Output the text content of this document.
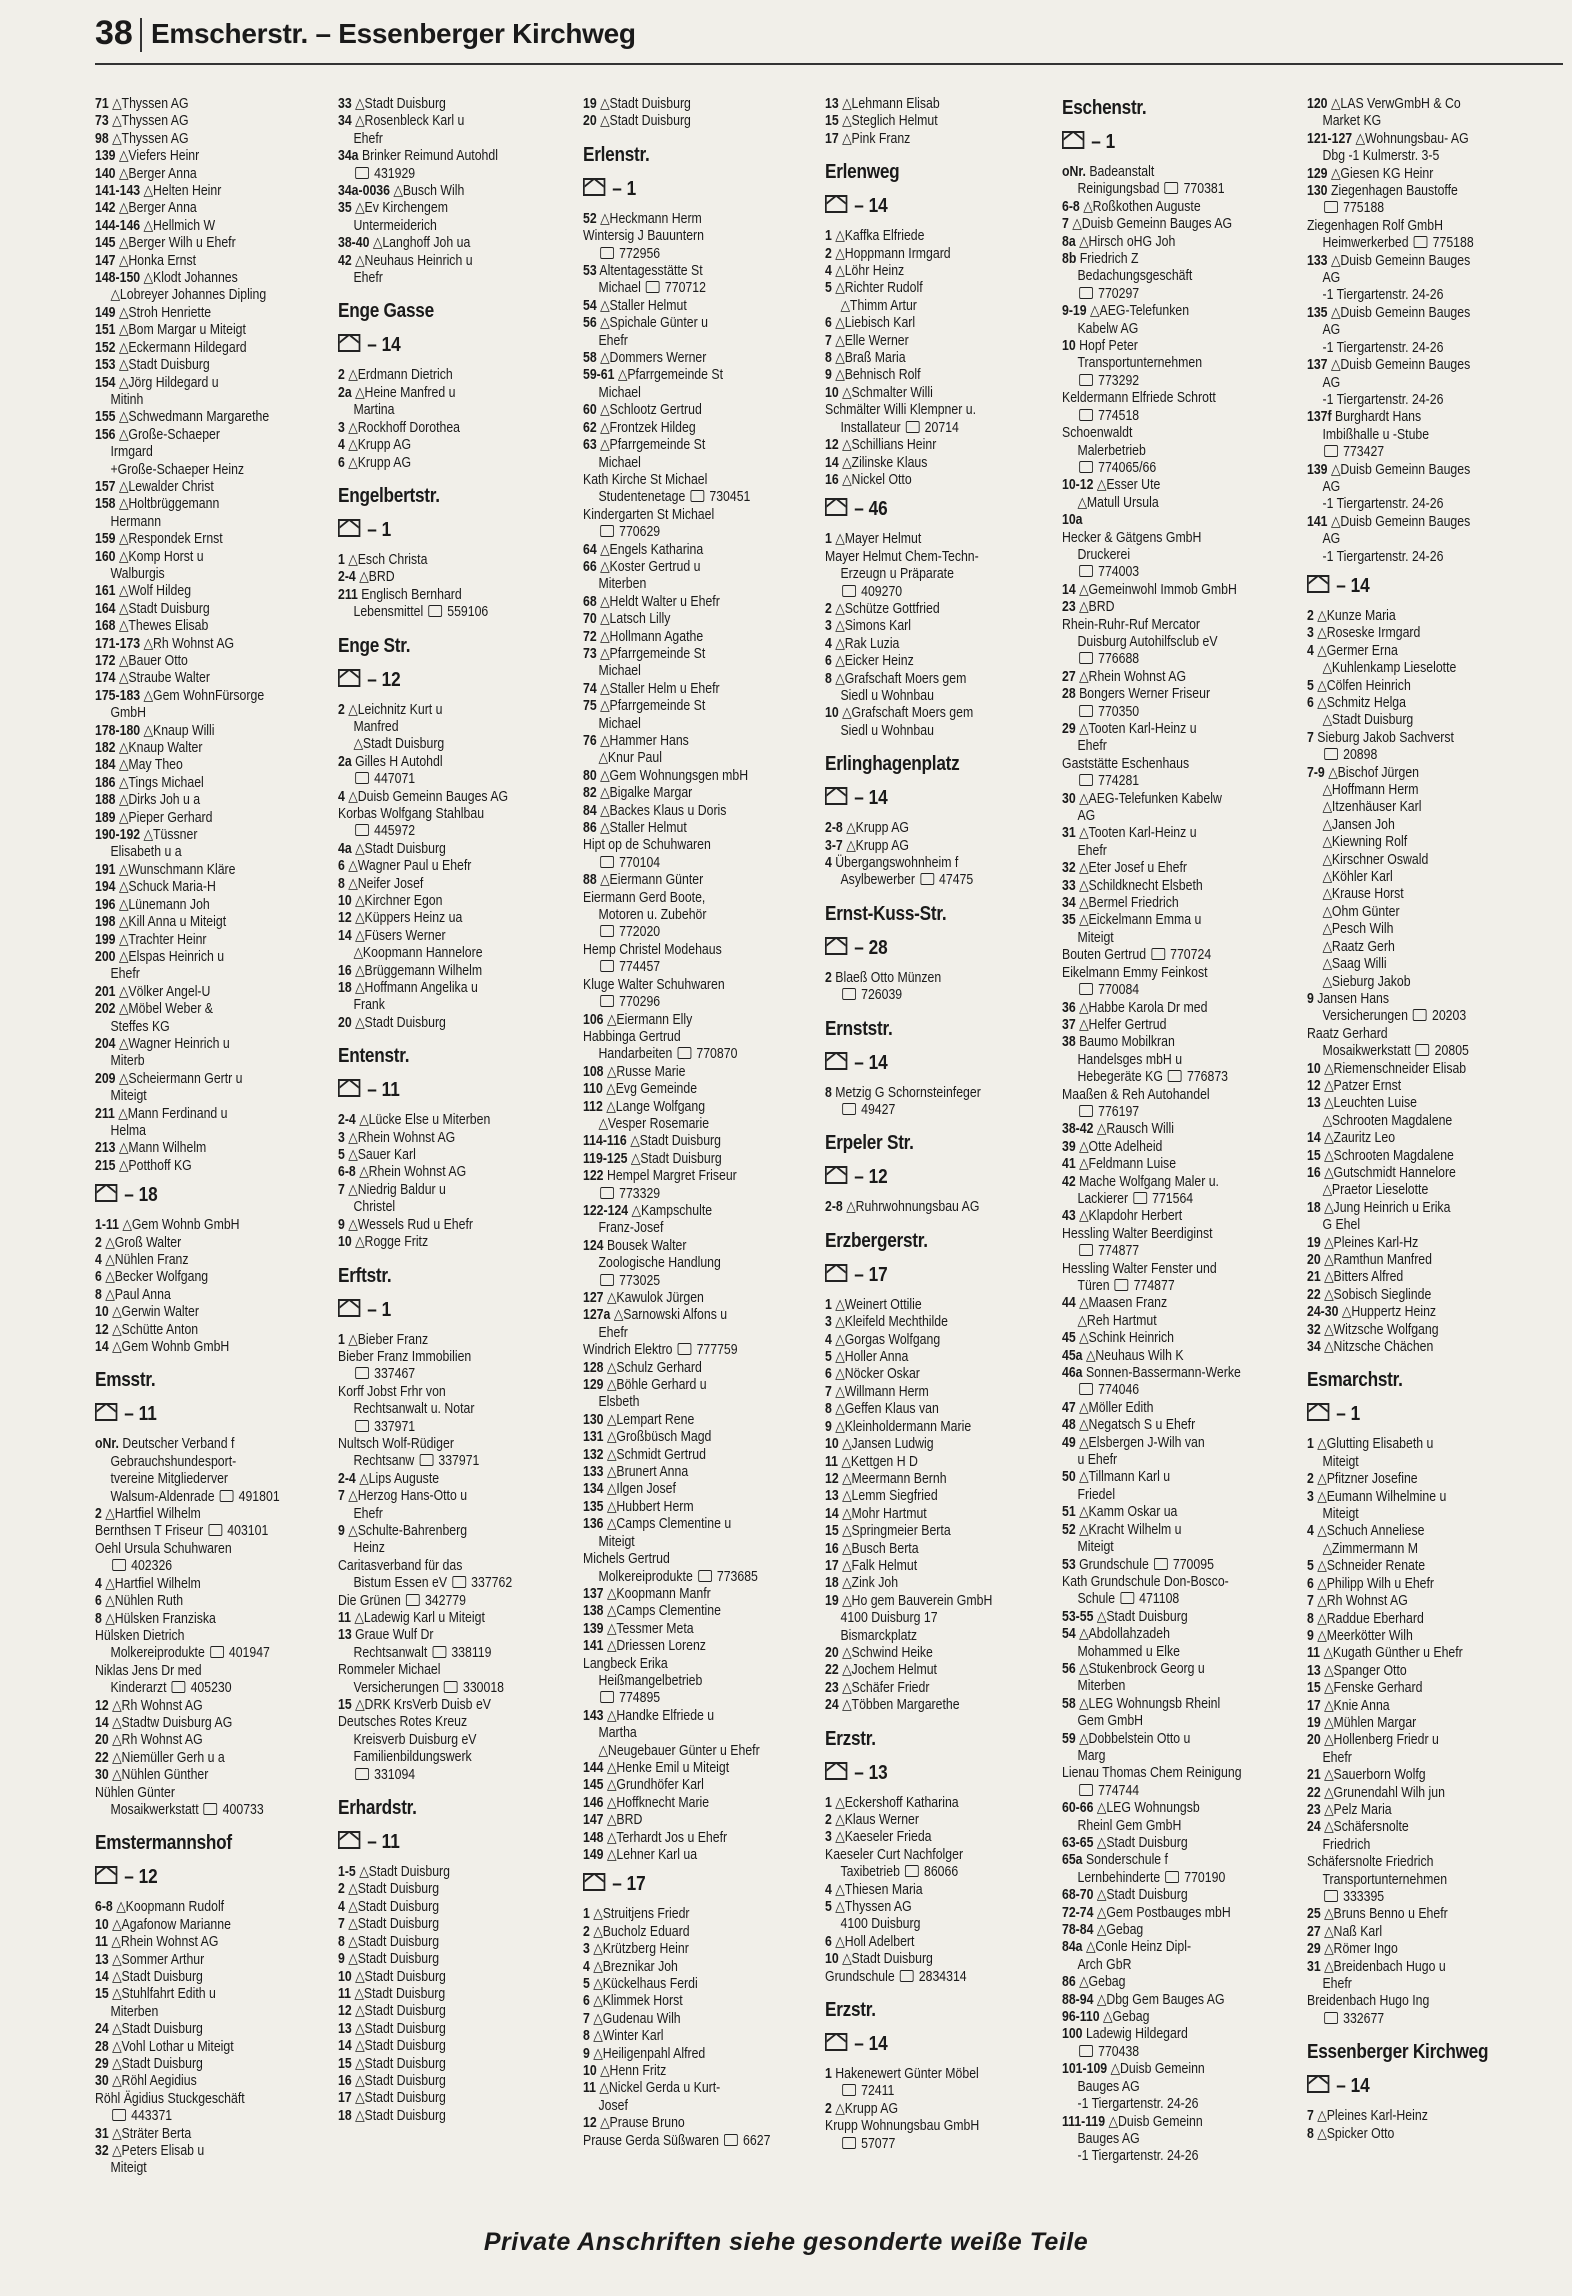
38 Emscherstr. – Essenberger Kirchweg
71 △Thyssen AG
73 △Thyssen AG
98 △Thyssen AG
139 △Viefers Heinr
140 △Berger Anna
141-143 △Helten Heinr
142 △Berger Anna
144-146 △Hellmich W
145 △Berger Wilh u Ehefr
147 △Honka Ernst
148-150 △Klodt Johannes
△Lobreyer Johannes Dipling
149 △Stroh Henriette
151 △Bom Margar u Miteigt
152 △Eckermann Hildegard
153 △Stadt Duisburg
154 △Jörg Hildegard u
Mitinh
155 △Schwedmann Margarethe
156 △Große-Schaeper
Irmgard
+Große-Schaeper Heinz
157 △Lewalder Christ
158 △Holtbrüggemann
Hermann
159 △Respondek Ernst
160 △Komp Horst u
Walburgis
161 △Wolf Hildeg
164 △Stadt Duisburg
168 △Thewes Elisab
171-173 △Rh Wohnst AG
172 △Bauer Otto
174 △Straube Walter
175-183 △Gem WohnFürsorge
GmbH
178-180 △Knaup Willi
182 △Knaup Walter
184 △May Theo
186 △Tings Michael
188 △Dirks Joh u a
189 △Pieper Gerhard
190-192 △Tüssner
Elisabeth u a
191 △Wunschmann Kläre
194 △Schuck Maria-H
196 △Lünemann Joh
198 △Kill Anna u Miteigt
199 △Trachter Heinr
200 △Elspas Heinrich u
Ehefr
201 △Völker Angel-U
202 △Möbel Weber &
Steffes KG
204 △Wagner Heinrich u
Miterb
209 △Scheiermann Gertr u
Miteigt
211 △Mann Ferdinand u
Helma
213 △Mann Wilhelm
215 △Potthoff KG
– 18
1-11 △Gem Wohnb GmbH
2 △Groß Walter
4 △Nühlen Franz
6 △Becker Wolfgang
8 △Paul Anna
10 △Gerwin Walter
12 △Schütte Anton
14 △Gem Wohnb GmbH
Emsstr.
– 11
oNr. Deutscher Verband f
Gebrauchshundesport-
tvereine Mitgliederver
Walsum-Aldenrade 491801
2 △Hartfiel Wilhelm
Bernthsen T Friseur 403101
Oehl Ursula Schuhwaren
402326
4 △Hartfiel Wilhelm
6 △Nühlen Ruth
8 △Hülsken Franziska
Hülsken Dietrich
Molkereiprodukte 401947
Niklas Jens Dr med
Kinderarzt 405230
12 △Rh Wohnst AG
14 △Stadtw Duisburg AG
20 △Rh Wohnst AG
22 △Niemüller Gerh u a
30 △Nühlen Günther
Nühlen Günter
Mosaikwerkstatt 400733
Emstermannshof
– 12
6-8 △Koopmann Rudolf
10 △Agafonow Marianne
11 △Rhein Wohnst AG
13 △Sommer Arthur
14 △Stadt Duisburg
15 △Stuhlfahrt Edith u
Miterben
24 △Stadt Duisburg
28 △Vohl Lothar u Miteigt
29 △Stadt Duisburg
30 △Röhl Aegidius
Röhl Ägidius Stuckgeschäft
443371
31 △Sträter Berta
32 △Peters Elisab u
Miteigt
33 △Stadt Duisburg
34 △Rosenbleck Karl u
Ehefr
34a Brinker Reimund Autohdl
431929
34a-0036 △Busch Wilh
35 △Ev Kirchengem
Untermeiderich
38-40 △Langhoff Joh ua
42 △Neuhaus Heinrich u
Ehefr
Enge Gasse
– 14
2 △Erdmann Dietrich
2a △Heine Manfred u
Martina
3 △Rockhoff Dorothea
4 △Krupp AG
6 △Krupp AG
Engelbertstr.
– 1
1 △Esch Christa
2-4 △BRD
211 Englisch Bernhard
Lebensmittel 559106
Enge Str.
– 12
2 △Leichnitz Kurt u
Manfred
△Stadt Duisburg
2a Gilles H Autohdl
447071
4 △Duisb Gemeinn Bauges AG
Korbas Wolfgang Stahlbau
445972
4a △Stadt Duisburg
6 △Wagner Paul u Ehefr
8 △Neifer Josef
10 △Kirchner Egon
12 △Küppers Heinz ua
14 △Füsers Werner
△Koopmann Hannelore
16 △Brüggemann Wilhelm
18 △Hoffmann Angelika u
Frank
20 △Stadt Duisburg
Entenstr.
– 11
2-4 △Lücke Else u Miterben
3 △Rhein Wohnst AG
5 △Sauer Karl
6-8 △Rhein Wohnst AG
7 △Niedrig Baldur u
Christel
9 △Wessels Rud u Ehefr
10 △Rogge Fritz
Erftstr.
– 1
1 △Bieber Franz
Bieber Franz Immobilien
337467
Korff Jobst Frhr von
Rechtsanwalt u. Notar
337971
Nultsch Wolf-Rüdiger
Rechtsanw 337971
2-4 △Lips Auguste
7 △Herzog Hans-Otto u
Ehefr
9 △Schulte-Bahrenberg
Heinz
Caritasverband für das
Bistum Essen eV 337762
Die Grünen 342779
11 △Ladewig Karl u Miteigt
13 Graue Wulf Dr
Rechtsanwalt 338119
Rommeler Michael
Versicherungen 330018
15 △DRK KrsVerb Duisb eV
Deutsches Rotes Kreuz
Kreisverb Duisburg eV
Familienbildungswerk
331094
Erhardstr.
– 11
1-5 △Stadt Duisburg
2 △Stadt Duisburg
4 △Stadt Duisburg
7 △Stadt Duisburg
8 △Stadt Duisburg
9 △Stadt Duisburg
10 △Stadt Duisburg
11 △Stadt Duisburg
12 △Stadt Duisburg
13 △Stadt Duisburg
14 △Stadt Duisburg
15 △Stadt Duisburg
16 △Stadt Duisburg
17 △Stadt Duisburg
18 △Stadt Duisburg
19 △Stadt Duisburg
20 △Stadt Duisburg
Erlenstr.
– 1
52 △Heckmann Herm
Wintersig J Bauuntern
772956
53 Altentagesstätte St
Michael 770712
54 △Staller Helmut
56 △Spichale Günter u
Ehefr
58 △Dommers Werner
59-61 △Pfarrgemeinde St
Michael
60 △Schlootz Gertrud
62 △Frontzek Hildeg
63 △Pfarrgemeinde St
Michael
Kath Kirche St Michael
Studentenetage 730451
Kindergarten St Michael
770629
64 △Engels Katharina
66 △Koster Gertrud u
Miterben
68 △Heldt Walter u Ehefr
70 △Latsch Lilly
72 △Hollmann Agathe
73 △Pfarrgemeinde St
Michael
74 △Staller Helm u Ehefr
75 △Pfarrgemeinde St
Michael
76 △Hammer Hans
△Knur Paul
80 △Gem Wohnungsgen mbH
82 △Bigalke Margar
84 △Backes Klaus u Doris
86 △Staller Helmut
Hipt op de Schuhwaren
770104
88 △Eiermann Günter
Eiermann Gerd Boote,
Motoren u. Zubehör
772020
Hemp Christel Modehaus
774457
Kluge Walter Schuhwaren
770296
106 △Eiermann Elly
Habbinga Gertrud
Handarbeiten 770870
108 △Russe Marie
110 △Evg Gemeinde
112 △Lange Wolfgang
△Vesper Rosemarie
114-116 △Stadt Duisburg
119-125 △Stadt Duisburg
122 Hempel Margret Friseur
773329
122-124 △Kampschulte
Franz-Josef
124 Bousek Walter
Zoologische Handlung
773025
127 △Kawulok Jürgen
127a △Sarnowski Alfons u
Ehefr
Windrich Elektro 777759
128 △Schulz Gerhard
129 △Böhle Gerhard u
Elsbeth
130 △Lempart Rene
131 △Großbüsch Magd
132 △Schmidt Gertrud
133 △Brunert Anna
134 △Ilgen Josef
135 △Hubbert Herm
136 △Camps Clementine u
Miteigt
Michels Gertrud
Molkereiprodukte 773685
137 △Koopmann Manfr
138 △Camps Clementine
139 △Tessmer Meta
141 △Driessen Lorenz
Langbeck Erika
Heißmangelbetrieb
774895
143 △Handke Elfriede u
Martha
△Neugebauer Günter u Ehefr
144 △Henke Emil u Miteigt
145 △Grundhöfer Karl
146 △Hoffknecht Marie
147 △BRD
148 △Terhardt Jos u Ehefr
149 △Lehner Karl ua
– 17
1 △Struitjens Friedr
2 △Bucholz Eduard
3 △Krützberg Heinr
4 △Breznikar Joh
5 △Kückelhaus Ferdi
6 △Klimmek Horst
7 △Gudenau Wilh
8 △Winter Karl
9 △Heiligenpahl Alfred
10 △Henn Fritz
11 △Nickel Gerda u Kurt-
Josef
12 △Prause Bruno
Prause Gerda Süßwaren 6627
13 △Lehmann Elisab
15 △Steglich Helmut
17 △Pink Franz
Erlenweg
– 14
1 △Kaffka Elfriede
2 △Hoppmann Irmgard
4 △Löhr Heinz
5 △Richter Rudolf
△Thimm Artur
6 △Liebisch Karl
7 △Elle Werner
8 △Braß Maria
9 △Behnisch Rolf
10 △Schmalter Willi
Schmälter Willi Klempner u.
Installateur 20714
12 △Schillians Heinr
14 △Zilinske Klaus
16 △Nickel Otto
– 46
1 △Mayer Helmut
Mayer Helmut Chem-Techn-
Erzeugn u Präparate
409270
2 △Schütze Gottfried
3 △Simons Karl
4 △Rak Luzia
6 △Eicker Heinz
8 △Grafschaft Moers gem
Siedl u Wohnbau
10 △Grafschaft Moers gem
Siedl u Wohnbau
Erlinghagenplatz
– 14
2-8 △Krupp AG
3-7 △Krupp AG
4 Übergangswohnheim f
Asylbewerber 47475
Ernst-Kuss-Str.
– 28
2 Blaeß Otto Münzen
726039
Ernststr.
– 14
8 Metzig G Schornsteinfeger
49427
Erpeler Str.
– 12
2-8 △Ruhrwohnungsbau AG
Erzbergerstr.
– 17
1 △Weinert Ottilie
3 △Kleifeld Mechthilde
4 △Gorgas Wolfgang
5 △Holler Anna
6 △Nöcker Oskar
7 △Willmann Herm
8 △Geffen Klaus van
9 △Kleinholdermann Marie
10 △Jansen Ludwig
11 △Kettgen H D
12 △Meermann Bernh
13 △Lemm Siegfried
14 △Mohr Hartmut
15 △Springmeier Berta
16 △Busch Berta
17 △Falk Helmut
18 △Zink Joh
19 △Ho gem Bauverein GmbH
4100 Duisburg 17
Bismarckplatz
20 △Schwind Heike
22 △Jochem Helmut
23 △Schäfer Friedr
24 △Többen Margarethe
Erzstr.
– 13
1 △Eckershoff Katharina
2 △Klaus Werner
3 △Kaeseler Frieda
Kaeseler Curt Nachfolger
Taxibetrieb 86066
4 △Thiesen Maria
5 △Thyssen AG
4100 Duisburg
6 △Holl Adelbert
10 △Stadt Duisburg
Grundschule 2834314
Erzstr.
– 14
1 Hakenewert Günter Möbel
72411
2 △Krupp AG
Krupp Wohnungsbau GmbH
57077
Eschenstr.
– 1
oNr. Badeanstalt
Reinigungsbad 770381
6-8 △Roßkothen Auguste
7 △Duisb Gemeinn Bauges AG
8a △Hirsch oHG Joh
8b Friedrich Z
Bedachungsgeschäft
770297
9-19 △AEG-Telefunken
Kabelw AG
10 Hopf Peter
Transportunternehmen
773292
Keldermann Elfriede Schrott
774518
Schoenwaldt
Malerbetrieb
774065/66
10-12 △Esser Ute
△Matull Ursula
10a
Hecker & Gätgens GmbH
Druckerei
774003
14 △Gemeinwohl Immob GmbH
23 △BRD
Rhein-Ruhr-Ruf Mercator
Duisburg Autohilfsclub eV
776688
27 △Rhein Wohnst AG
28 Bongers Werner Friseur
770350
29 △Tooten Karl-Heinz u
Ehefr
Gaststätte Eschenhaus
774281
30 △AEG-Telefunken Kabelw
AG
31 △Tooten Karl-Heinz u
Ehefr
32 △Eter Josef u Ehefr
33 △Schildknecht Elsbeth
34 △Bermel Friedrich
35 △Eickelmann Emma u
Miteigt
Bouten Gertrud 770724
Eikelmann Emmy Feinkost
770084
36 △Habbe Karola Dr med
37 △Helfer Gertrud
38 Baumo Mobilkran
Handelsges mbH u
Hebegeräte KG 776873
Maaßen & Reh Autohandel
776197
38-42 △Rausch Willi
39 △Otte Adelheid
41 △Feldmann Luise
42 Mache Wolfgang Maler u.
Lackierer 771564
43 △Klapdohr Herbert
Hessling Walter Beerdiginst
774877
Hessling Walter Fenster und
Türen 774877
44 △Maasen Franz
△Reh Hartmut
45 △Schink Heinrich
45a △Neuhaus Wilh K
46a Sonnen-Bassermann-Werke
774046
47 △Möller Edith
48 △Negatsch S u Ehefr
49 △Elsbergen J-Wilh van
u Ehefr
50 △Tillmann Karl u
Friedel
51 △Kamm Oskar ua
52 △Kracht Wilhelm u
Miteigt
53 Grundschule 770095
Kath Grundschule Don-Bosco-
Schule 471108
53-55 △Stadt Duisburg
54 △Abdollahzadeh
Mohammed u Elke
56 △Stukenbrock Georg u
Miterben
58 △LEG Wohnungsb Rheinl
Gem GmbH
59 △Dobbelstein Otto u
Marg
Lienau Thomas Chem Reinigung
774744
60-66 △LEG Wohnungsb
Rheinl Gem GmbH
63-65 △Stadt Duisburg
65a Sonderschule f
Lernbehinderte 770190
68-70 △Stadt Duisburg
72-74 △Gem Postbauges mbH
78-84 △Gebag
84a △Conle Heinz Dipl-
Arch GbR
86 △Gebag
88-94 △Dbg Gem Bauges AG
96-110 △Gebag
100 Ladewig Hildegard
770438
101-109 △Duisb Gemeinn
Bauges AG
-1 Tiergartenstr. 24-26
111-119 △Duisb Gemeinn
Bauges AG
-1 Tiergartenstr. 24-26
120 △LAS VerwGmbH & Co
Market KG
121-127 △Wohnungsbau- AG
Dbg -1 Kulmerstr. 3-5
129 △Giesen KG Heinr
130 Ziegenhagen Baustoffe
775188
Ziegenhagen Rolf GmbH
Heimwerkerbed 775188
133 △Duisb Gemeinn Bauges
AG
-1 Tiergartenstr. 24-26
135 △Duisb Gemeinn Bauges
AG
-1 Tiergartenstr. 24-26
137 △Duisb Gemeinn Bauges
AG
-1 Tiergartenstr. 24-26
137f Burghardt Hans
Imbißhalle u -Stube
773427
139 △Duisb Gemeinn Bauges
AG
-1 Tiergartenstr. 24-26
141 △Duisb Gemeinn Bauges
AG
-1 Tiergartenstr. 24-26
– 14
2 △Kunze Maria
3 △Roseske Irmgard
4 △Germer Erna
△Kuhlenkamp Lieselotte
5 △Cölfen Heinrich
6 △Schmitz Helga
△Stadt Duisburg
7 Sieburg Jakob Sachverst
20898
7-9 △Bischof Jürgen
△Hoffmann Herm
△Itzenhäuser Karl
△Jansen Joh
△Kiewning Rolf
△Kirschner Oswald
△Köhler Karl
△Krause Horst
△Ohm Günter
△Pesch Wilh
△Raatz Gerh
△Saag Willi
△Sieburg Jakob
9 Jansen Hans
Versicherungen 20203
Raatz Gerhard
Mosaikwerkstatt 20805
10 △Riemenschneider Elisab
12 △Patzer Ernst
13 △Leuchten Luise
△Schrooten Magdalene
14 △Zauritz Leo
15 △Schrooten Magdalene
16 △Gutschmidt Hannelore
△Praetor Lieselotte
18 △Jung Heinrich u Erika
G Ehel
19 △Pleines Karl-Hz
20 △Ramthun Manfred
21 △Bitters Alfred
22 △Sobisch Sieglinde
24-30 △Huppertz Heinz
32 △Witzsche Wolfgang
34 △Nitzsche Chächen
Esmarchstr.
– 1
1 △Glutting Elisabeth u
Miteigt
2 △Pfitzner Josefine
3 △Eumann Wilhelmine u
Miteigt
4 △Schuch Anneliese
△Zimmermann M
5 △Schneider Renate
6 △Philipp Wilh u Ehefr
7 △Rh Wohnst AG
8 △Raddue Eberhard
9 △Meerkötter Wilh
11 △Kugath Günther u Ehefr
13 △Spanger Otto
15 △Fenske Gerhard
17 △Knie Anna
19 △Mühlen Margar
20 △Hollenberg Friedr u
Ehefr
21 △Sauerborn Wolfg
22 △Grunendahl Wilh jun
23 △Pelz Maria
24 △Schäfersnolte
Friedrich
Schäfersnolte Friedrich
Transportunternehmen
333395
25 △Bruns Benno u Ehefr
27 △Naß Karl
29 △Römer Ingo
31 △Breidenbach Hugo u
Ehefr
Breidenbach Hugo Ing
332677
Essenberger Kirchweg
– 14
7 △Pleines Karl-Heinz
8 △Spicker Otto
Private Anschriften siehe gesonderte weiße Teile
